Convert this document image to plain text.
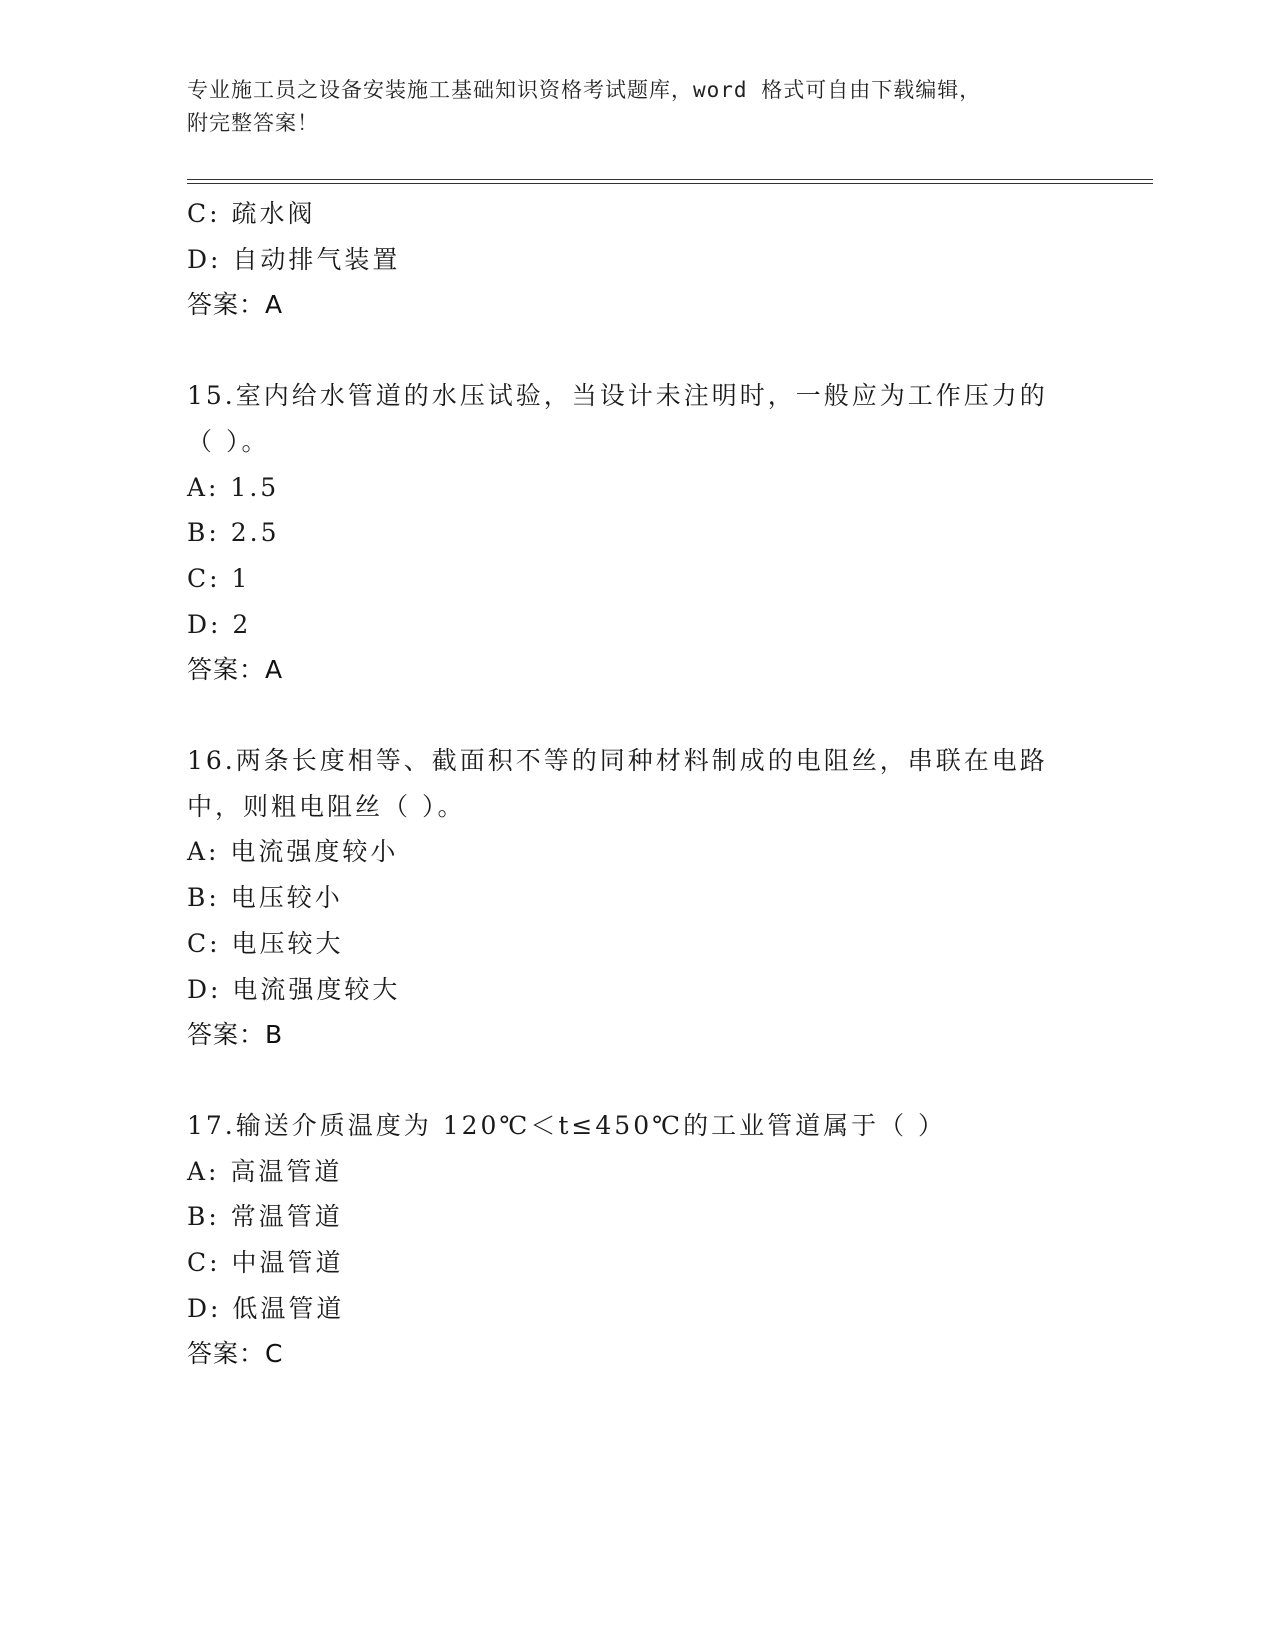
专业施工员之设备安装施工基础知识资格考试题库，word 格式可自由下载编辑，
附完整答案！
C: 疏水阀
D: 自动排气装置
答案：A
15.室内给水管道的水压试验，当设计未注明时，一般应为工作压力的
（ ）。
A: 1.5
B: 2.5
C: 1
D: 2
答案：A
16.两条长度相等、截面积不等的同种材料制成的电阻丝，串联在电路
中，则粗电阻丝（ ）。
A: 电流强度较小
B: 电压较小
C: 电压较大
D: 电流强度较大
答案：B
17.输送介质温度为 120℃＜t≤450℃的工业管道属于（ ）
A: 高温管道
B: 常温管道
C: 中温管道
D: 低温管道
答案：C
